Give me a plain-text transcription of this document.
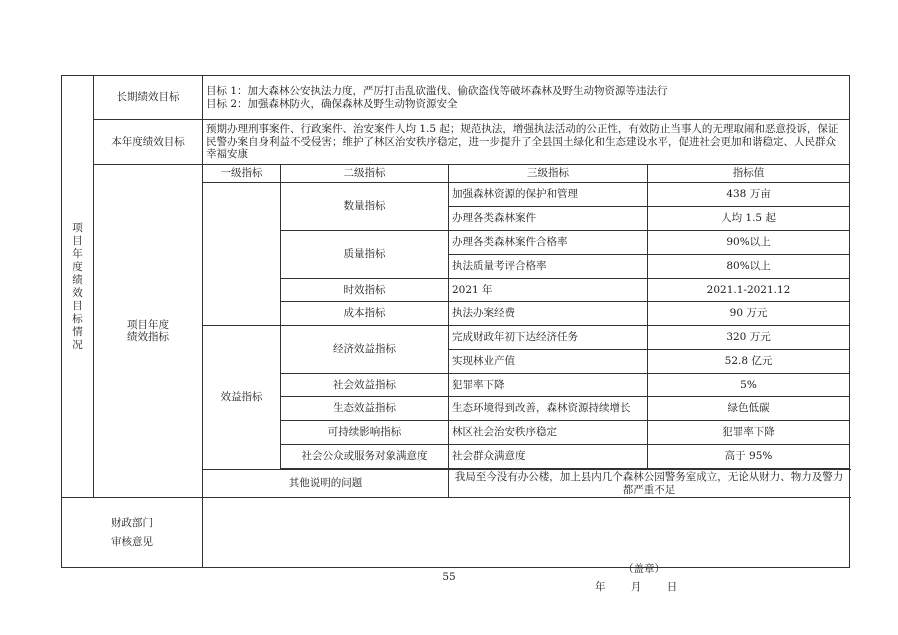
项目年度绩效目标情况	长期绩效目标	目标 1：加大森林公安执法力度，严厉打击乱砍滥伐、偷砍盗伐等破坏森林及野生动物资源等违法行
目标 2：加强森林防火，确保森林及野生动物资源安全			

	本年度绩效目标	预期办理刑事案件、行政案件、治安案件人均 1.5 起；规范执法，增强执法活动的公正性，有效防止当事人的无理取闹和恶意投诉，保证民警办案自身利益不受侵害；维护了林区治安秩序稳定，进一步提升了全县国土绿化和生态建设水平，促进社会更加和谐稳定、人民群众幸福安康			

	项目年度
绩效指标	一级指标	二级指标	三级指标	指标值
			数量指标	加强森林资源的保护和管理	438 万亩
				办理各类森林案件	人均 1.5 起
			质量指标	办理各类森林案件合格率	90%以上
				执法质量考评合格率	80%以上
			时效指标	2021 年	2021.1-2021.12
			成本指标	执法办案经费	90 万元
		效益指标	经济效益指标	完成财政年初下达经济任务	320 万元
				实现林业产值	52.8 亿元
			社会效益指标	犯罪率下降	5%
			生态效益指标	生态环境得到改善，森林资源持续增长	绿色低碳
			可持续影响指标	林区社会治安秩序稳定	犯罪率下降
			社会公众或服务对象满意度	社会群众满意度	高于 95%

		其他说明的问题		我局至今没有办公楼，加上县内几个森林公园警务室成立，无论从财力、物力及警力都严重不足	

财政部门
审核意见		（盖章）
年 月 日			
55
